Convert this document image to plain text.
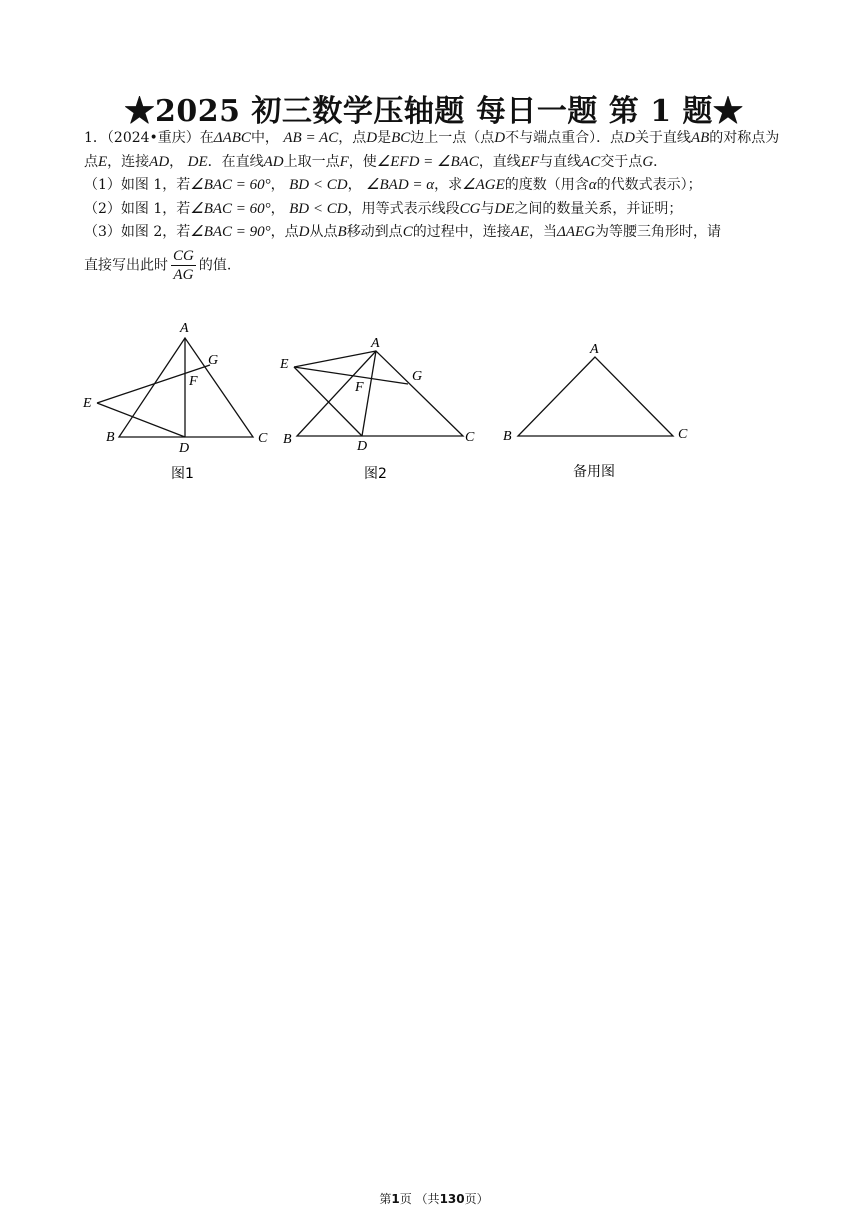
★2025 初三数学压轴题 每日一题 第 1 题★

1．（2024•重庆）在ΔABC中， AB = AC，点D是BC边上一点（点D不与端点重合）．点D关于直线AB的对称点为点E，连接AD， DE．在直线AD上取一点F，使∠EFD = ∠BAC，直线EF与直线AC交于点G．

（1）如图 1，若∠BAC = 60°， BD < CD， ∠BAD = α，求∠AGE的度数（用含α的代数式表示）；

（2）如图 1，若∠BAC = 60°， BD < CD，用等式表示线段CG与DE之间的数量关系，并证明；

（3）如图 2，若∠BAC = 90°，点D从点B移动到点C的过程中，连接AE，当ΔAEG为等腰三角形时，请

直接写出此时 $\frac{CG}{AG}$ 的值.

A
B	C
D
E
F
G
图1
A
B	C
D
E
F
G
图2
A
B	C
备用图
第1页 （共130页）
